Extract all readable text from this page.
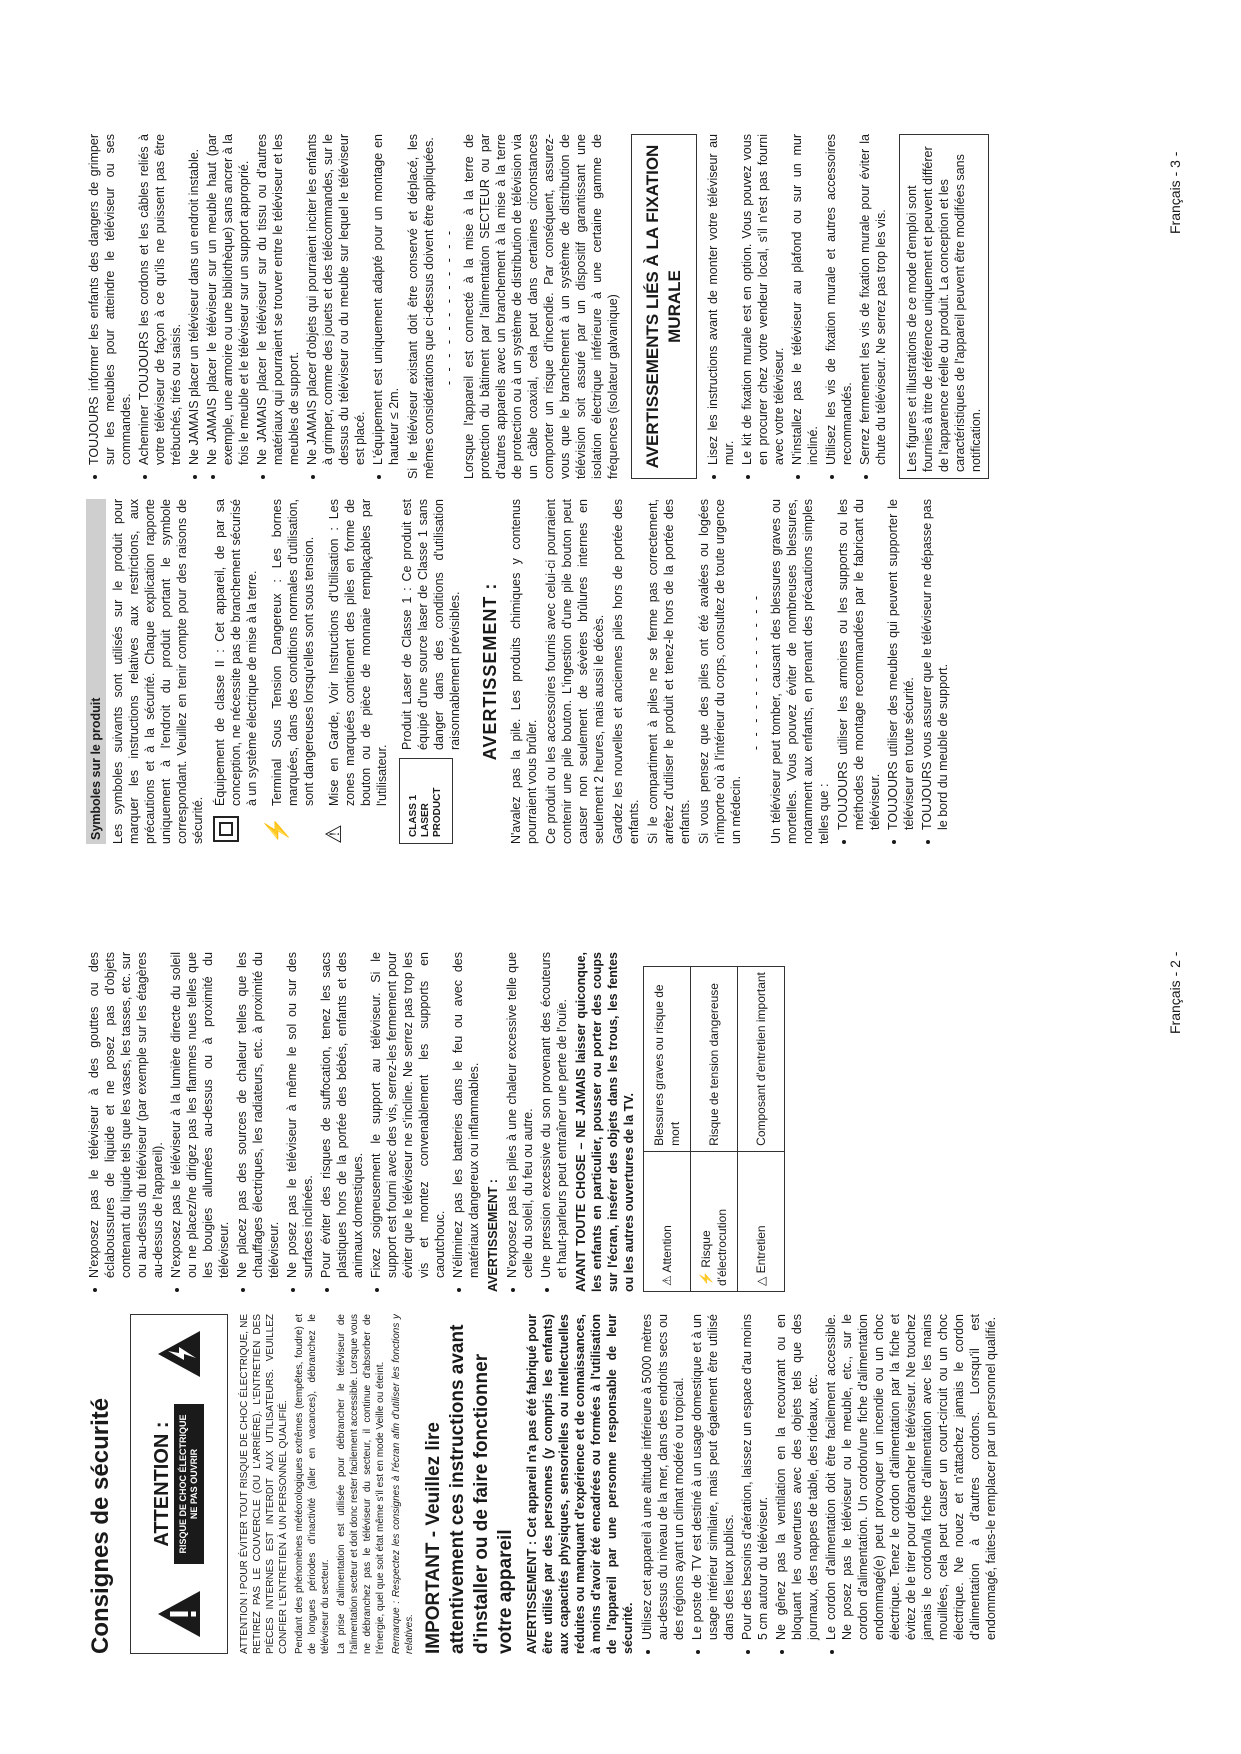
Consignes de sécurité ATTENTION : RISQUE DE CHOC ÉLECTRIQUE NE PAS OUVRIR	ATTENTION ! POUR ÉVITER TOUT RISQUE DE CHOC ÉLECTRIQUE, NE RETIREZ PAS LE COUVERCLE (OU L'ARRIÈRE). L'ENTRETIEN DES PIÈCES INTERNES EST INTERDIT AUX UTILISATEURS. VEUILLEZ CONFIER L'ENTRETIEN À UN PERSONNEL QUALIFIÉ. Pendant des phénomènes météorologiques extrêmes (tempêtes, foudre) et de longues périodes d'inactivité (aller en vacances), débranchez le téléviseur du secteur. La prise d'alimentation est utilisée pour débrancher le téléviseur de l'alimentation secteur et doit donc rester facilement accessible. Lorsque vous ne débranchez pas le téléviseur du secteur, il continue d'absorber de l'énergie, quel que soit état même s'il est en mode Veille ou éteint. Remarque : Respectez les consignes à l'écran afin d'utiliser les fonctions y relatives. IMPORTANT - Veuillez lire attentivement ces instructions avant d'installer ou de faire fonctionner votre appareil AVERTISSEMENT : Cet appareil n'a pas été fabriqué pour être utilisé par des personnes (y compris les enfants) aux capacités physiques, sensorielles ou intellectuelles réduites ou manquant d'expérience et de connaissances, à moins d'avoir été encadrées ou formées à l'utilisation de l'appareil par une personne responsable de leur sécurité. • Utilisez cet appareil à une altitude inférieure à 5000 mètres au-dessus du niveau de la mer, dans des endroits secs ou des régions ayant un climat modéré ou tropical. • Le poste de TV est destiné à un usage domestique et à un usage intérieur similaire, mais peut également être utilisé dans des lieux publics. • Pour des besoins d'aération, laissez un espace d'au moins 5 cm autour du téléviseur. • Ne gênez pas la ventilation en la recouvrant ou en bloquant les ouvertures avec des objets tels que des journaux, des nappes de table, des rideaux, etc. • Le cordon d'alimentation doit être facilement accessible. Ne posez pas le téléviseur ou le meuble, etc., sur le cordon d'alimentation. Un cordon/une fiche d'alimentation endommagé(e) peut provoquer un incendie ou un choc électrique. Tenez le cordon d'alimentation par la fiche et évitez de le tirer pour débrancher le téléviseur. Ne touchez jamais le cordon/la fiche d'alimentation avec les mains mouillées, cela peut causer un court-circuit ou un choc électrique. Ne nouez et n'attachez jamais le cordon d'alimentation à d'autres cordons. Lorsqu'il est endommagé, faites-le remplacer par un personnel qualifié.
• N'exposez pas le téléviseur à des gouttes ou des éclaboussures de liquide et ne posez pas d'objets contenant du liquide tels que les vases, les tasses, etc. sur ou au-dessus du téléviseur (par exemple sur les étagères au-dessus de l'appareil). • N'exposez pas le téléviseur à la lumière directe du soleil ou ne placez/ne dirigez pas les flammes nues telles que les bougies allumées au-dessus ou à proximité du téléviseur. • Ne placez pas des sources de chaleur telles que les chauffages électriques, les radiateurs, etc. à proximité du téléviseur. • Ne posez pas le téléviseur à même le sol ou sur des surfaces inclinées. • Pour éviter des risques de suffocation, tenez les sacs plastiques hors de la portée des bébés, enfants et des animaux domestiques. • Fixez soigneusement le support au téléviseur. Si le support est fourni avec des vis, serrez-les fermement pour éviter que le téléviseur ne s'incline. Ne serrez pas trop les vis et montez convenablement les supports en caoutchouc. • N'éliminez pas les batteries dans le feu ou avec des matériaux dangereux ou inflammables. AVERTISSEMENT : • N'exposez pas les piles à une chaleur excessive telle que celle du soleil, du feu ou autre. • Une pression excessive du son provenant des écouteurs et haut-parleurs peut entraîner une perte de l'ouïe. AVANT TOUTE CHOSE – NE JAMAIS laisser quiconque, les enfants en particulier, pousser ou porter des coups sur l'écran, insérer des objets dans les trous, les fentes ou les autres ouvertures de la TV. ⚠ Attention	Blessures graves ou risque de mort
⚡ Risque d'électrocution	Risque de tension dangereuse
△ Entretien	Composant d'entretien important	Français - 2 -
Symboles sur le produit Les symboles suivants sont utilisés sur le produit pour marquer les instructions relatives aux restrictions, aux précautions et à la sécurité. Chaque explication rapporte uniquement à l'endroit du produit portant le symbole correspondant. Veuillez en tenir compte pour des raisons de sécurité.

Équipement de classe II : Cet appareil, de par sa conception, ne nécessite pas de branchement sécurisé à un système électrique de mise à la terre.

⚡

Terminal Sous Tension Dangereux : Les bornes marquées, dans des conditions normales d'utilisation, sont dangereuses lorsqu'elles sont sous tension.

⚠

Mise en Garde, Voir Instructions d'Utilisation : Les zones marquées contiennent des piles en forme de bouton ou de pièce de monnaie remplaçables par l'utilisateur.

CLASS 1 LASER PRODUCT

Produit Laser de Classe 1 : Ce produit est équipé d'une source laser de Classe 1 sans danger dans des conditions d'utilisation raisonnablement prévisibles. AVERTISSEMENT : N'avalez pas la pile. Les produits chimiques y contenus pourraient vous brûler. Ce produit ou les accessoires fournis avec celui-ci pourraient contenir une pile bouton. L'ingestion d'une pile bouton peut causer non seulement de sévères brûlures internes en seulement 2 heures, mais aussi le décès. Gardez les nouvelles et anciennes piles hors de portée des enfants. Si le compartiment à piles ne se ferme pas correctement, arrêtez d'utiliser le produit et tenez-le hors de la portée des enfants. Si vous pensez que des piles ont été avalées ou logées n'importe où à l'intérieur du corps, consultez de toute urgence un médecin.

- - - - - - - - - - - - Un téléviseur peut tomber, causant des blessures graves ou mortelles. Vous pouvez éviter de nombreuses blessures, notamment aux enfants, en prenant des précautions simples telles que : • TOUJOURS utiliser les armoires ou les supports ou les méthodes de montage recommandées par le fabricant du téléviseur. • TOUJOURS utiliser des meubles qui peuvent supporter le téléviseur en toute sécurité. • TOUJOURS vous assurer que le téléviseur ne dépasse pas le bord du meuble de support.
• TOUJOURS informer les enfants des dangers de grimper sur les meubles pour atteindre le téléviseur ou ses commandes. • Acheminer TOUJOURS les cordons et les câbles reliés à votre téléviseur de façon à ce qu'ils ne puissent pas être trébuchés, tirés ou saisis. • Ne JAMAIS placer un téléviseur dans un endroit instable. • Ne JAMAIS placer le téléviseur sur un meuble haut (par exemple, une armoire ou une bibliothèque) sans ancrer à la fois le meuble et le téléviseur sur un support approprié. • Ne JAMAIS placer le téléviseur sur du tissu ou d'autres matériaux qui pourraient se trouver entre le téléviseur et les meubles de support. • Ne JAMAIS placer d'objets qui pourraient inciter les enfants à grimper, comme des jouets et des télécommandes, sur le dessus du téléviseur ou du meuble sur lequel le téléviseur est placé. • L'équipement est uniquement adapté pour un montage en hauteur ≤ 2m. Si le téléviseur existant doit être conservé et déplacé, les mêmes considérations que ci-dessus doivent être appliquées. - - - - - - - - - - - - Lorsque l'appareil est connecté à la mise à la terre de protection du bâtiment par l'alimentation SECTEUR ou par d'autres appareils avec un branchement à la mise à la terre de protection ou à un système de distribution de télévision via un câble coaxial, cela peut dans certaines circonstances comporter un risque d'incendie. Par conséquent, assurez-vous que le branchement à un système de distribution de télévision soit assuré par un dispositif garantissant une isolation électrique inférieure à une certaine gamme de fréquences (isolateur galvanique)	AVERTISSEMENTS LIÉS À LA FIXATION MURALE	• Lisez les instructions avant de monter votre téléviseur au mur. • Le kit de fixation murale est en option. Vous pouvez vous en procurer chez votre vendeur local, s'il n'est pas fourni avec votre téléviseur. • N'installez pas le téléviseur au plafond ou sur un mur incliné. • Utilisez les vis de fixation murale et autres accessoires recommandés. • Serrez fermement les vis de fixation murale pour éviter la chute du téléviseur. Ne serrez pas trop les vis.	Les figures et illustrations de ce mode d'emploi sont fournies à titre de référence uniquement et peuvent différer de l'apparence réelle du produit. La conception et les caractéristiques de l'appareil peuvent être modifiées sans notification.
Français - 3 -
